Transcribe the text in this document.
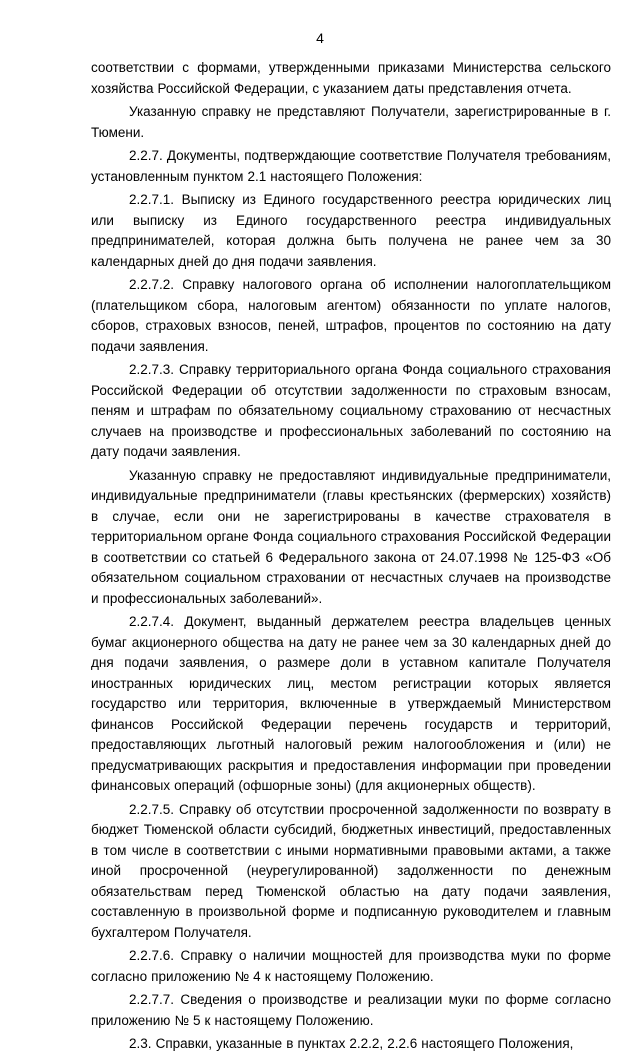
4

соответствии с формами, утвержденными приказами Министерства сельского хозяйства Российской Федерации, с указанием даты представления отчета.

Указанную справку не представляют Получатели, зарегистрированные в г. Тюмени.

2.2.7. Документы, подтверждающие соответствие Получателя требованиям, установленным пунктом 2.1 настоящего Положения:

2.2.7.1. Выписку из Единого государственного реестра юридических лиц или выписку из Единого государственного реестра индивидуальных предпринимателей, которая должна быть получена не ранее чем за 30 календарных дней до дня подачи заявления.

2.2.7.2. Справку налогового органа об исполнении налогоплательщиком (плательщиком сбора, налоговым агентом) обязанности по уплате налогов, сборов, страховых взносов, пеней, штрафов, процентов по состоянию на дату подачи заявления.

2.2.7.3. Справку территориального органа Фонда социального страхования Российской Федерации об отсутствии задолженности по страховым взносам, пеням и штрафам по обязательному социальному страхованию от несчастных случаев на производстве и профессиональных заболеваний по состоянию на дату подачи заявления.

Указанную справку не предоставляют индивидуальные предприниматели, индивидуальные предприниматели (главы крестьянских (фермерских) хозяйств) в случае, если они не зарегистрированы в качестве страхователя в территориальном органе Фонда социального страхования Российской Федерации в соответствии со статьей 6 Федерального закона от 24.07.1998 № 125-ФЗ «Об обязательном социальном страховании от несчастных случаев на производстве и профессиональных заболеваний».

2.2.7.4. Документ, выданный держателем реестра владельцев ценных бумаг акционерного общества на дату не ранее чем за 30 календарных дней до дня подачи заявления, о размере доли в уставном капитале Получателя иностранных юридических лиц, местом регистрации которых является государство или территория, включенные в утверждаемый Министерством финансов Российской Федерации перечень государств и территорий, предоставляющих льготный налоговый режим налогообложения и (или) не предусматривающих раскрытия и предоставления информации при проведении финансовых операций (офшорные зоны) (для акционерных обществ).

2.2.7.5. Справку об отсутствии просроченной задолженности по возврату в бюджет Тюменской области субсидий, бюджетных инвестиций, предоставленных в том числе в соответствии с иными нормативными правовыми актами, а также иной просроченной (неурегулированной) задолженности по денежным обязательствам перед Тюменской областью на дату подачи заявления, составленную в произвольной форме и подписанную руководителем и главным бухгалтером Получателя.

2.2.7.6. Справку о наличии мощностей для производства муки по форме согласно приложению № 4 к настоящему Положению.

2.2.7.7. Сведения о производстве и реализации муки по форме согласно приложению № 5 к настоящему Положению.

2.3. Справки, указанные в пунктах 2.2.2, 2.2.6 настоящего Положения,
